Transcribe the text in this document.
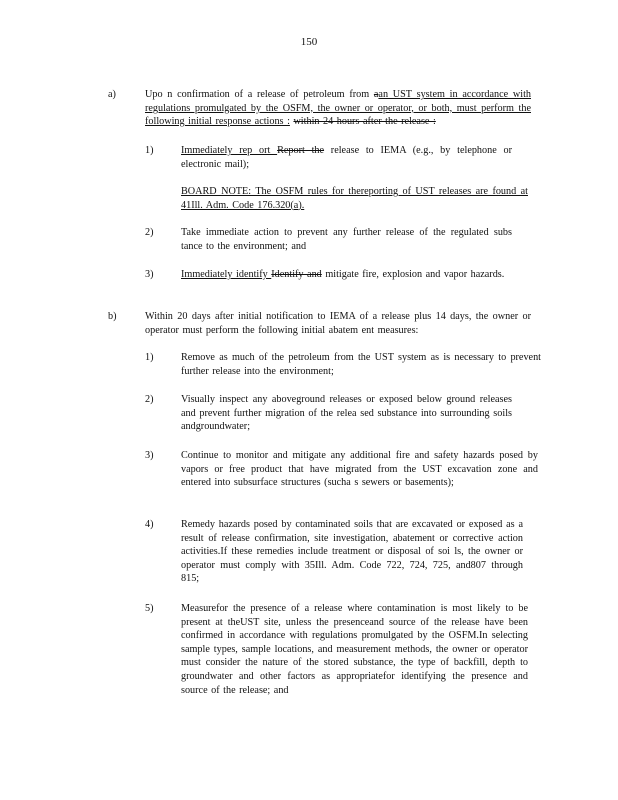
150
a)	Upo n confirmation of a release of petroleum from aan UST system in accordance with regulations promulgated by the OSFM, the owner or operator, or both, must perform the following initial response actions : within 24 hours after the release :
1)	Immediately rep ort Report the release to IEMA (e.g., by telephone or electronic mail);
BOARD NOTE: The OSFM rules for thereporting of UST releases are found at 41Ill. Adm. Code 176.320(a).
2)	Take immediate action to prevent any further release of the regulated subs tance to the environment; and
3)	Immediately identify Identify and mitigate fire, explosion and vapor hazards.
b)	Within 20 days after initial notification to IEMA of a release plus 14 days, the owner or operator must perform the following initial abatem ent measures:
1)	Remove as much of the petroleum from the UST system as is necessary to prevent further release into the environment;
2)	Visually inspect any aboveground releases or exposed below ground releases and prevent further migration of the relea sed substance into surrounding soils andgroundwater;
3)	Continue to monitor and mitigate any additional fire and safety hazards posed by vapors or free product that have migrated from the UST excavation zone and entered into subsurface structures (sucha s sewers or basements);
4)	Remedy hazards posed by contaminated soils that are excavated or exposed as a result of release confirmation, site investigation, abatement or corrective action activities.If these remedies include treatment or disposal of soi ls, the owner or operator must comply with 35Ill. Adm. Code 722, 724, 725, and807 through 815;
5)	Measurefor the presence of a release where contamination is most likely to be present at theUST site, unless the presenceand source of the release have been confirmed in accordance with regulations promulgated by the OSFM.In selecting sample types, sample locations, and measurement methods, the owner or operator must consider the nature of the stored substance, the type of backfill, depth to groundwater and other factors as appropriatefor identifying the presence and source of the release; and
